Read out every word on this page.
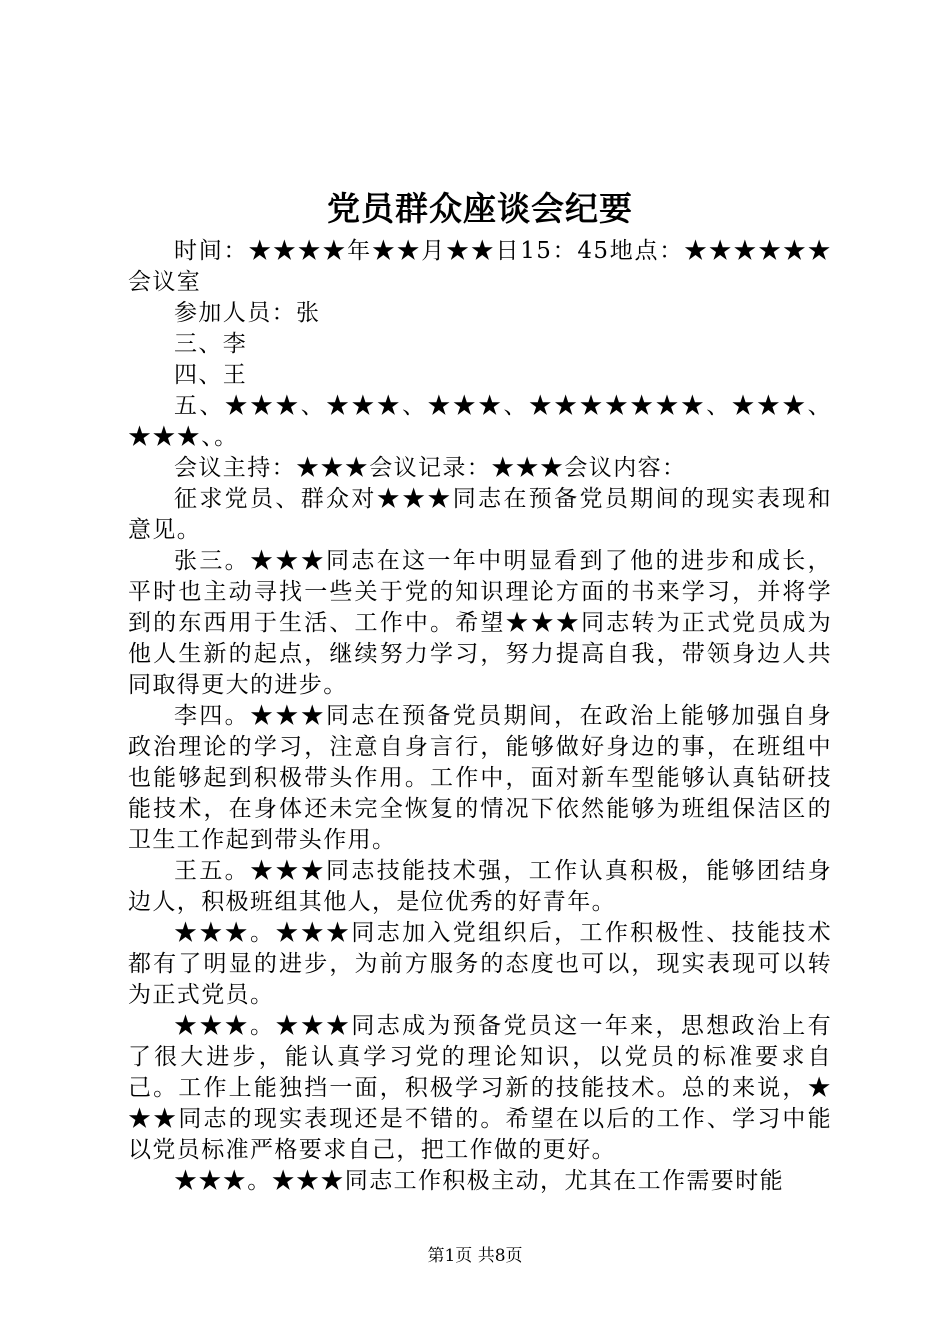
党员群众座谈会纪要

时间：★★★★年★★月★★日15：45地点：★★★★★★会议室

参加人员：张

三、李

四、王

五、★★★、★★★、★★★、★★★★★★★、★★★、★★★、。

会议主持：★★★会议记录：★★★会议内容：

征求党员、群众对★★★同志在预备党员期间的现实表现和意见。

张三。★★★同志在这一年中明显看到了他的进步和成长，平时也主动寻找一些关于党的知识理论方面的书来学习，并将学到的东西用于生活、工作中。希望★★★同志转为正式党员成为他人生新的起点，继续努力学习，努力提高自我，带领身边人共同取得更大的进步。

李四。★★★同志在预备党员期间，在政治上能够加强自身政治理论的学习，注意自身言行，能够做好身边的事，在班组中也能够起到积极带头作用。工作中，面对新车型能够认真钻研技能技术，在身体还未完全恢复的情况下依然能够为班组保洁区的卫生工作起到带头作用。

王五。★★★同志技能技术强，工作认真积极，能够团结身边人，积极班组其他人，是位优秀的好青年。

★★★。★★★同志加入党组织后，工作积极性、技能技术都有了明显的进步，为前方服务的态度也可以，现实表现可以转为正式党员。

★★★。★★★同志成为预备党员这一年来，思想政治上有了很大进步，能认真学习党的理论知识，以党员的标准要求自己。工作上能独挡一面，积极学习新的技能技术。总的来说，★★★同志的现实表现还是不错的。希望在以后的工作、学习中能以党员标准严格要求自己，把工作做的更好。

★★★。★★★同志工作积极主动，尤其在工作需要时能

第1页 共8页
